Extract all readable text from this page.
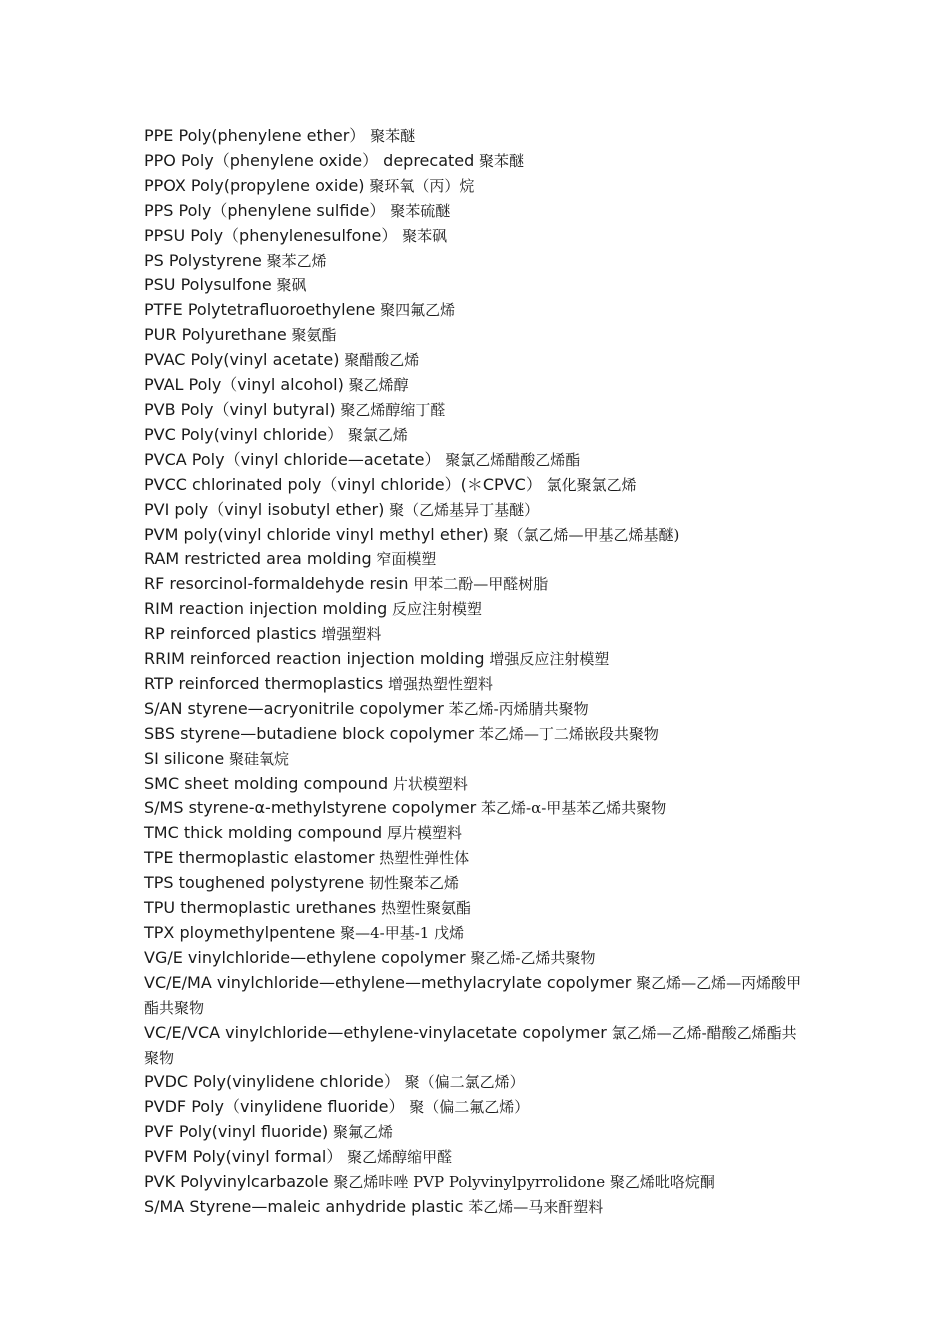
PPE Poly(phenylene ether） 聚苯醚

PPO Poly（phenylene oxide） deprecated 聚苯醚

PPOX Poly(propylene oxide) 聚环氧（丙）烷

PPS Poly（phenylene sulfide） 聚苯硫醚

PPSU Poly（phenylenesulfone） 聚苯砜

PS Polystyrene 聚苯乙烯

PSU Polysulfone 聚砜

PTFE Polytetrafluoroethylene 聚四氟乙烯

PUR Polyurethane 聚氨酯

PVAC Poly(vinyl acetate) 聚醋酸乙烯

PVAL Poly（vinyl alcohol) 聚乙烯醇

PVB Poly（vinyl butyral) 聚乙烯醇缩丁醛

PVC Poly(vinyl chloride） 聚氯乙烯

PVCA Poly（vinyl chloride—acetate） 聚氯乙烯醋酸乙烯酯

PVCC chlorinated poly（vinyl chloride）(＊CPVC） 氯化聚氯乙烯

PVI poly（vinyl isobutyl ether) 聚（乙烯基异丁基醚）

PVM poly(vinyl chloride vinyl methyl ether) 聚（氯乙烯—甲基乙烯基醚)

RAM restricted area molding 窄面模塑

RF resorcinol-formaldehyde resin 甲苯二酚—甲醛树脂

RIM reaction injection molding 反应注射模塑

RP reinforced plastics 增强塑料

RRIM reinforced reaction injection molding 增强反应注射模塑

RTP reinforced thermoplastics 增强热塑性塑料

S/AN styrene—acryonitrile copolymer 苯乙烯-丙烯腈共聚物

SBS styrene—butadiene block copolymer 苯乙烯—丁二烯嵌段共聚物

SI silicone 聚硅氧烷

SMC sheet molding compound 片状模塑料

S/MS styrene-α-methylstyrene copolymer 苯乙烯-α-甲基苯乙烯共聚物

TMC thick molding compound 厚片模塑料

TPE thermoplastic elastomer 热塑性弹性体

TPS toughened polystyrene 韧性聚苯乙烯

TPU thermoplastic urethanes 热塑性聚氨酯

TPX ploymethylpentene 聚—4-甲基-1 戊烯

VG/E vinylchloride—ethylene copolymer 聚乙烯-乙烯共聚物

VC/E/MA vinylchloride—ethylene—methylacrylate copolymer 聚乙烯—乙烯—丙烯酸甲酯共聚物

VC/E/VCA vinylchloride—ethylene-vinylacetate copolymer 氯乙烯—乙烯-醋酸乙烯酯共聚物

PVDC Poly(vinylidene chloride） 聚（偏二氯乙烯）

PVDF Poly（vinylidene fluoride） 聚（偏二氟乙烯）

PVF Poly(vinyl fluoride) 聚氟乙烯

PVFM Poly(vinyl formal） 聚乙烯醇缩甲醛

PVK Polyvinylcarbazole 聚乙烯咔唑 PVP Polyvinylpyrrolidone 聚乙烯吡咯烷酮

S/MA Styrene—maleic anhydride plastic 苯乙烯—马来酐塑料
